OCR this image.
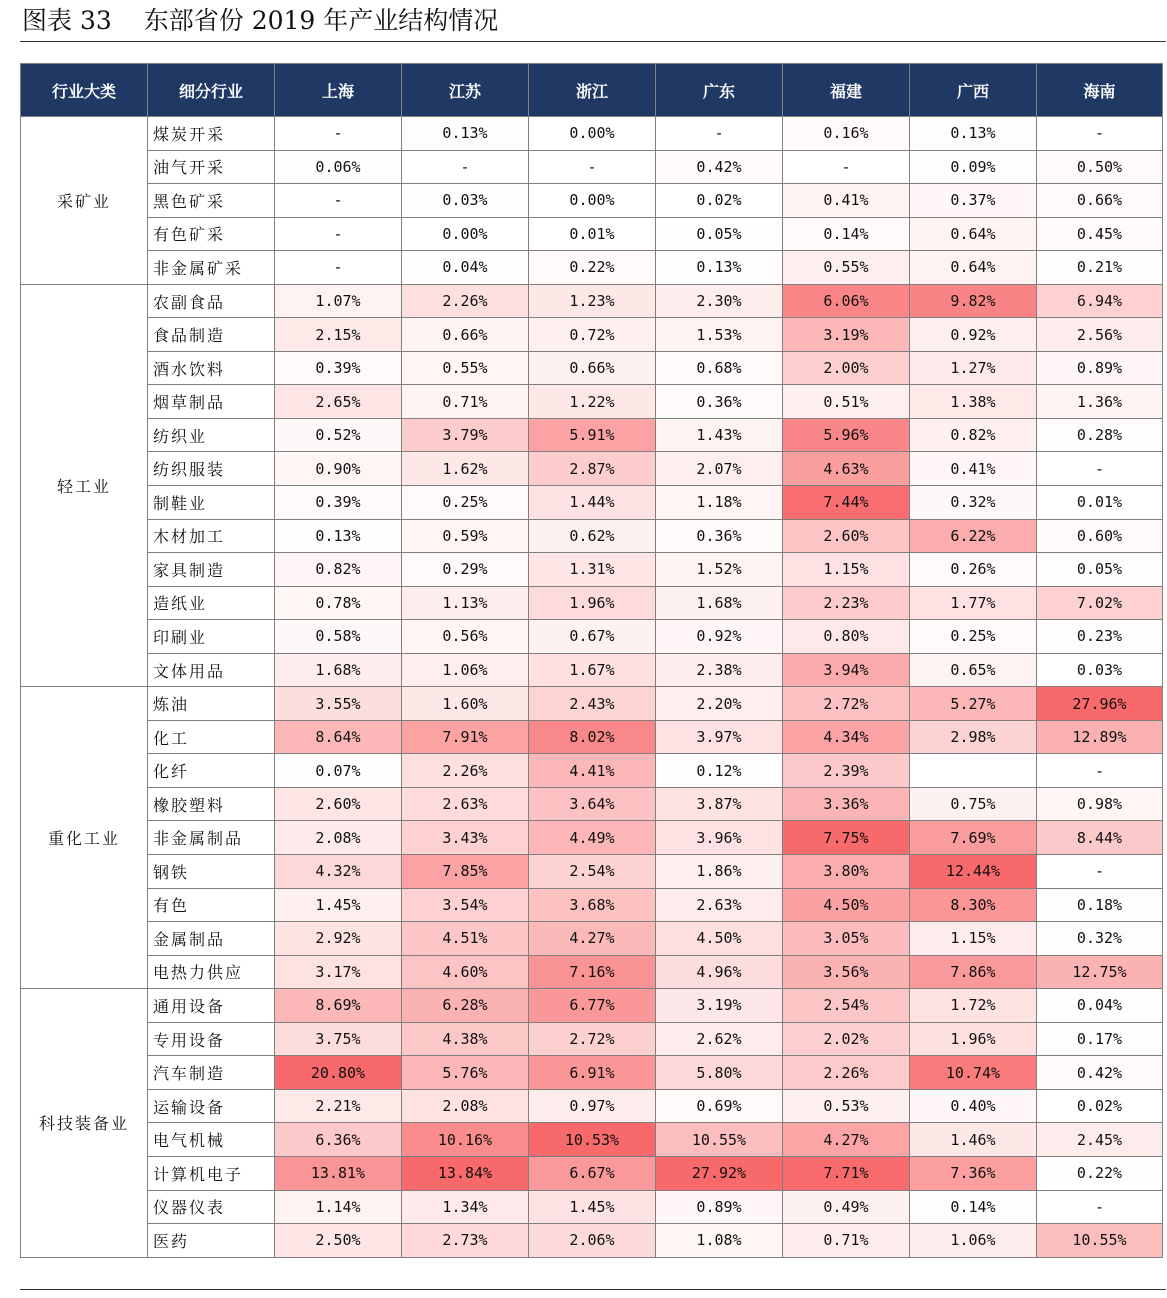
图表 33 东部省份 2019 年产业结构情况
行业大类	细分行业	上海	江苏	浙江	广东	福建	广西	海南
采矿业	煤炭开采	-	0.13%	0.00%	-	0.16%	0.13%	-
	油气开采	0.06%	-	-	0.42%	-	0.09%	0.50%
	黑色矿采	-	0.03%	0.00%	0.02%	0.41%	0.37%	0.66%
	有色矿采	-	0.00%	0.01%	0.05%	0.14%	0.64%	0.45%
	非金属矿采	-	0.04%	0.22%	0.13%	0.55%	0.64%	0.21%
轻工业	农副食品	1.07%	2.26%	1.23%	2.30%	6.06%	9.82%	6.94%
	食品制造	2.15%	0.66%	0.72%	1.53%	3.19%	0.92%	2.56%
	酒水饮料	0.39%	0.55%	0.66%	0.68%	2.00%	1.27%	0.89%
	烟草制品	2.65%	0.71%	1.22%	0.36%	0.51%	1.38%	1.36%
	纺织业	0.52%	3.79%	5.91%	1.43%	5.96%	0.82%	0.28%
	纺织服装	0.90%	1.62%	2.87%	2.07%	4.63%	0.41%	-
	制鞋业	0.39%	0.25%	1.44%	1.18%	7.44%	0.32%	0.01%
	木材加工	0.13%	0.59%	0.62%	0.36%	2.60%	6.22%	0.60%
	家具制造	0.82%	0.29%	1.31%	1.52%	1.15%	0.26%	0.05%
	造纸业	0.78%	1.13%	1.96%	1.68%	2.23%	1.77%	7.02%
	印刷业	0.58%	0.56%	0.67%	0.92%	0.80%	0.25%	0.23%
	文体用品	1.68%	1.06%	1.67%	2.38%	3.94%	0.65%	0.03%
重化工业	炼油	3.55%	1.60%	2.43%	2.20%	2.72%	5.27%	27.96%
	化工	8.64%	7.91%	8.02%	3.97%	4.34%	2.98%	12.89%
	化纤	0.07%	2.26%	4.41%	0.12%	2.39%		-
	橡胶塑料	2.60%	2.63%	3.64%	3.87%	3.36%	0.75%	0.98%
	非金属制品	2.08%	3.43%	4.49%	3.96%	7.75%	7.69%	8.44%
	钢铁	4.32%	7.85%	2.54%	1.86%	3.80%	12.44%	-
	有色	1.45%	3.54%	3.68%	2.63%	4.50%	8.30%	0.18%
	金属制品	2.92%	4.51%	4.27%	4.50%	3.05%	1.15%	0.32%
	电热力供应	3.17%	4.60%	7.16%	4.96%	3.56%	7.86%	12.75%
科技装备业	通用设备	8.69%	6.28%	6.77%	3.19%	2.54%	1.72%	0.04%
	专用设备	3.75%	4.38%	2.72%	2.62%	2.02%	1.96%	0.17%
	汽车制造	20.80%	5.76%	6.91%	5.80%	2.26%	10.74%	0.42%
	运输设备	2.21%	2.08%	0.97%	0.69%	0.53%	0.40%	0.02%
	电气机械	6.36%	10.16%	10.53%	10.55%	4.27%	1.46%	2.45%
	计算机电子	13.81%	13.84%	6.67%	27.92%	7.71%	7.36%	0.22%
	仪器仪表	1.14%	1.34%	1.45%	0.89%	0.49%	0.14%	-
	医药	2.50%	2.73%	2.06%	1.08%	0.71%	1.06%	10.55%
